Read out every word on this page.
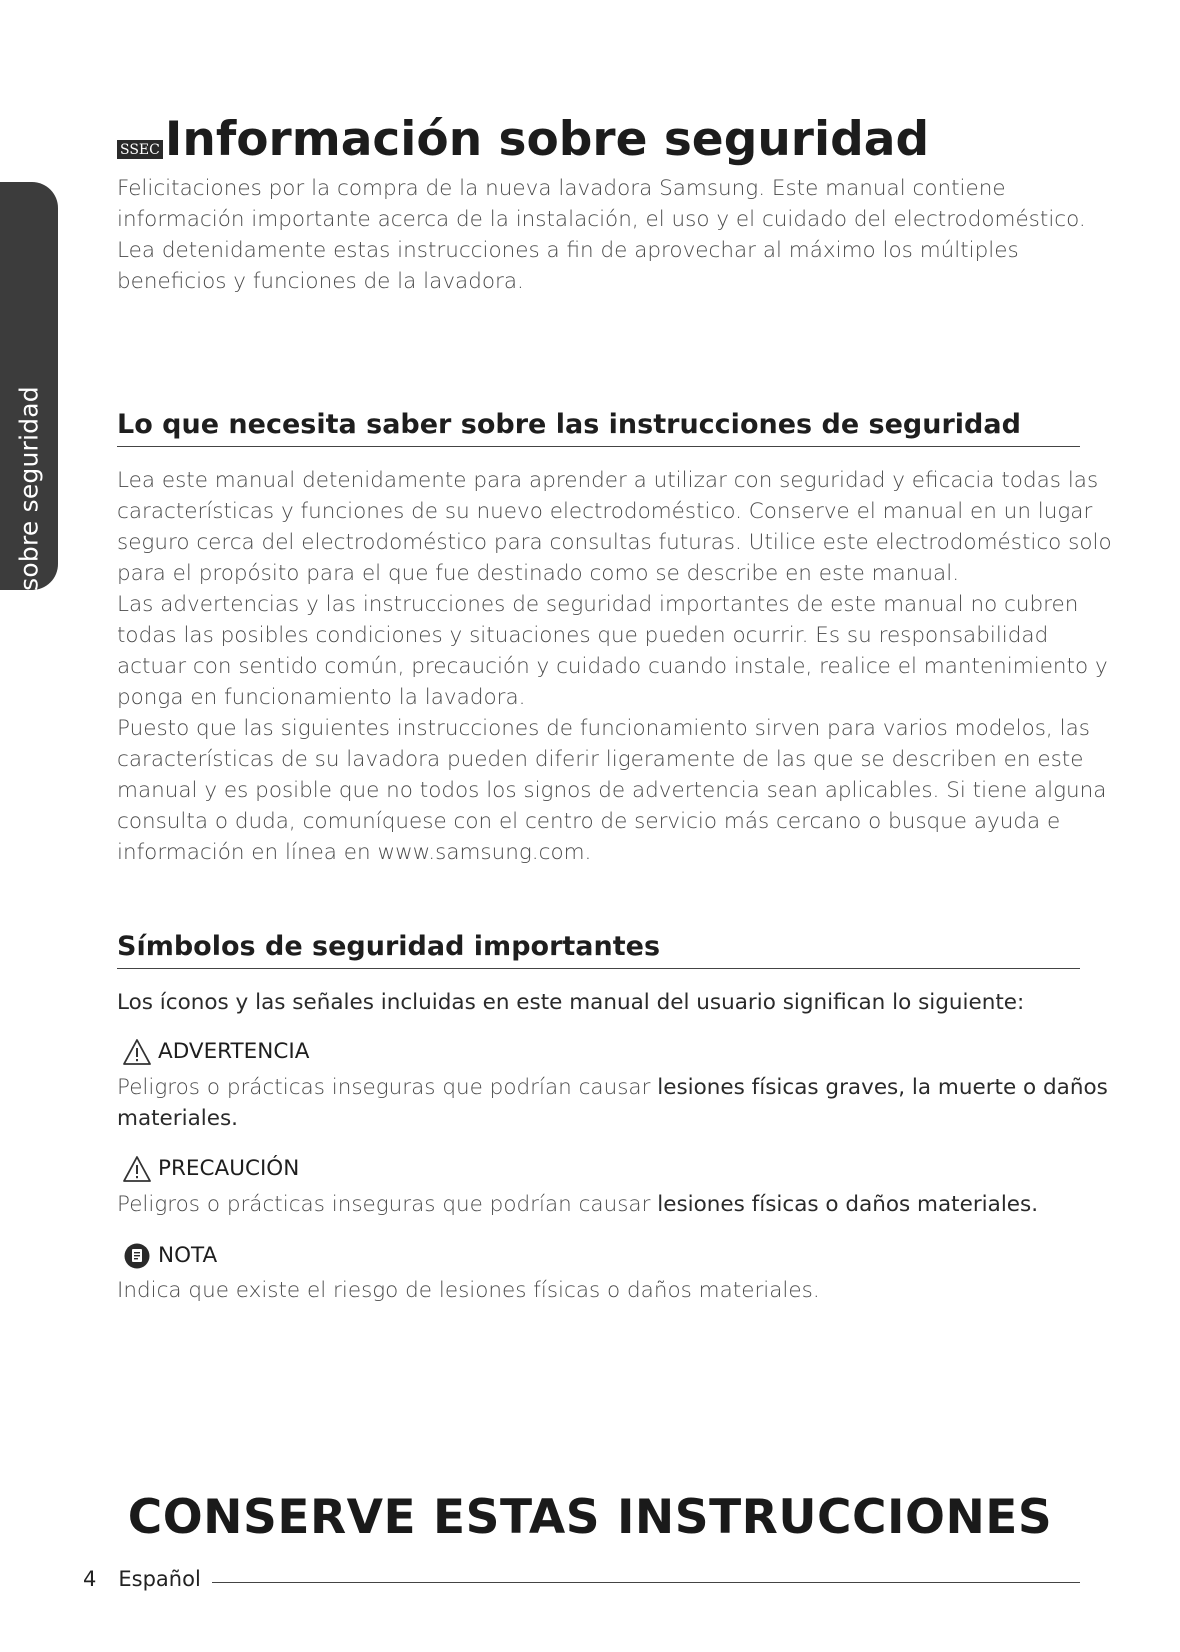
Información sobre seguridad
SSEC Información sobre seguridad

Felicitaciones por la compra de la nueva lavadora Samsung. Este manual contiene información importante acerca de la instalación, el uso y el cuidado del electrodoméstico. Lea detenidamente estas instrucciones a fin de aprovechar al máximo los múltiples beneficios y funciones de la lavadora.

Lo que necesita saber sobre las instrucciones de seguridad

Lea este manual detenidamente para aprender a utilizar con seguridad y eficacia todas las características y funciones de su nuevo electrodoméstico. Conserve el manual en un lugar seguro cerca del electrodoméstico para consultas futuras. Utilice este electrodoméstico solo para el propósito para el que fue destinado como se describe en este manual.

Las advertencias y las instrucciones de seguridad importantes de este manual no cubren todas las posibles condiciones y situaciones que pueden ocurrir. Es su responsabilidad actuar con sentido común, precaución y cuidado cuando instale, realice el mantenimiento y ponga en funcionamiento la lavadora.

Puesto que las siguientes instrucciones de funcionamiento sirven para varios modelos, las características de su lavadora pueden diferir ligeramente de las que se describen en este manual y es posible que no todos los signos de advertencia sean aplicables. Si tiene alguna consulta o duda, comuníquese con el centro de servicio más cercano o busque ayuda e información en línea en www.samsung.com.

Símbolos de seguridad importantes

Los íconos y las señales incluidas en este manual del usuario significan lo siguiente:

ADVERTENCIA

Peligros o prácticas inseguras que podrían causar lesiones físicas graves, la muerte o daños materiales.

PRECAUCIÓN

Peligros o prácticas inseguras que podrían causar lesiones físicas o daños materiales.

NOTA

Indica que existe el riesgo de lesiones físicas o daños materiales.

CONSERVE ESTAS INSTRUCCIONES
4 Español
